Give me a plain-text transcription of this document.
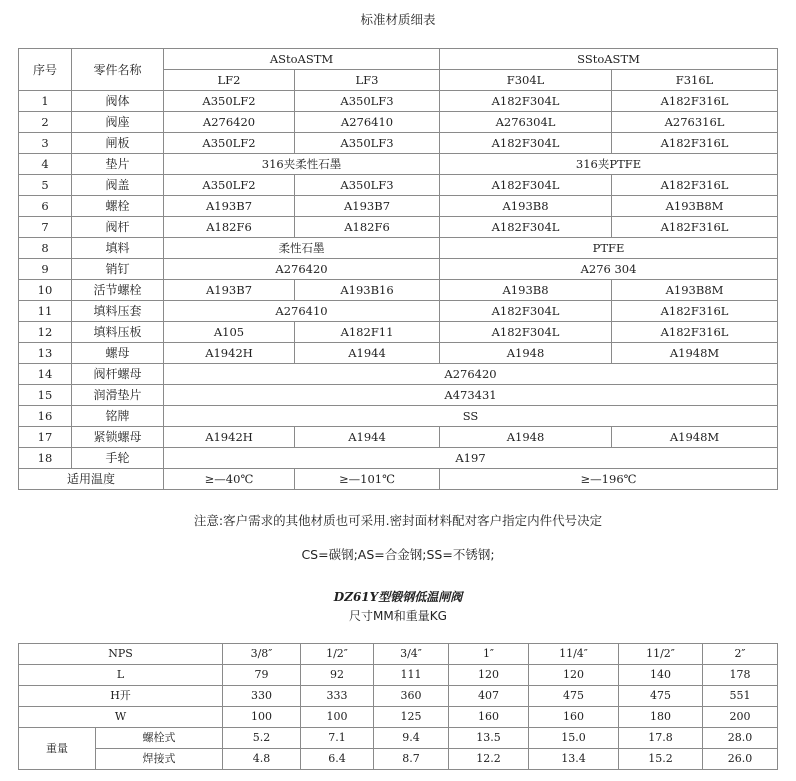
标准材质细表
序号	零件名称	AStoASTM		SStoASTM	
		LF2	LF3	F304L	F316L
1	阀体	A350LF2	A350LF3	A182F304L	A182F316L
2	阀座	A276420	A276410	A276304L	A276316L
3	闸板	A350LF2	A350LF3	A182F304L	A182F316L
4	垫片	316夹柔性石墨		316夹PTFE	
5	阀盖	A350LF2	A350LF3	A182F304L	A182F316L
6	螺栓	A193B7	A193B7	A193B8	A193B8M
7	阀杆	A182F6	A182F6	A182F304L	A182F316L
8	填料	柔性石墨		PTFE	
9	销钉	A276420		A276 304	
10	活节螺栓	A193B7	A193B16	A193B8	A193B8M
11	填料压套	A276410		A182F304L	A182F316L
12	填料压板	A105	A182F11	A182F304L	A182F316L
13	螺母	A1942H	A1944	A1948	A1948M
14	阀杆螺母	A276420			
15	润滑垫片	A473431			
16	铭牌	SS			
17	紧锁螺母	A1942H	A1944	A1948	A1948M
18	手轮	A197			
适用温度		≥—40℃	≥—101℃	≥—196℃	
注意:客户需求的其他材质也可采用.密封面材料配对客户指定内件代号决定
CS=碳钢;AS=合金钢;SS=不锈钢;
DZ61Y型锻钢低温闸阀
尺寸MM和重量KG
NPS		3/8″	1/2″	3/4″	1″	11/4″	11/2″	2″
L		79	92	111	120	120	140	178
H开		330	333	360	407	475	475	551
W		100	100	125	160	160	180	200
重量	螺栓式	5.2	7.1	9.4	13.5	15.0	17.8	28.0
	焊接式	4.8	6.4	8.7	12.2	13.4	15.2	26.0
